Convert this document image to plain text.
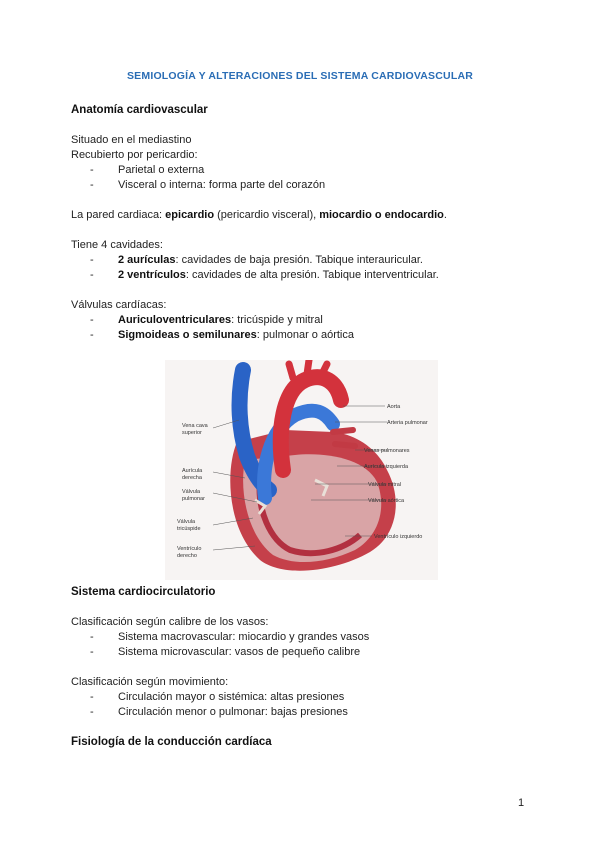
SEMIOLOGÍA Y ALTERACIONES DEL SISTEMA CARDIOVASCULAR
Anatomía cardiovascular
Situado en el mediastino
Recubierto por pericardio:
- Parietal o externa
- Visceral o interna: forma parte del corazón
La pared cardiaca: epicardio (pericardio visceral), miocardio o endocardio.
Tiene 4 cavidades:
- 2 aurículas: cavidades de baja presión. Tabique interauricular.
- 2 ventrículos: cavidades de alta presión. Tabique interventricular.
Válvulas cardíacas:
- Auriculoventriculares: tricúspide y mitral
- Sigmoideas o semilunares: pulmonar o aórtica
Vena cava
superior
Aurícula
derecha
Válvula
pulmonar
Válvula
tricúspide
Ventrículo
derecho
Aorta
Arteria pulmonar
Venas pulmonares
Aurícula izquierda
Válvula mitral
Válvula aórtica
Ventrículo izquierdo
Sistema cardiocirculatorio
Clasificación según calibre de los vasos:
- Sistema macrovascular: miocardio y grandes vasos
- Sistema microvascular: vasos de pequeño calibre
Clasificación según movimiento:
- Circulación mayor o sistémica: altas presiones
- Circulación menor o pulmonar: bajas presiones
Fisiología de la conducción cardíaca
1
